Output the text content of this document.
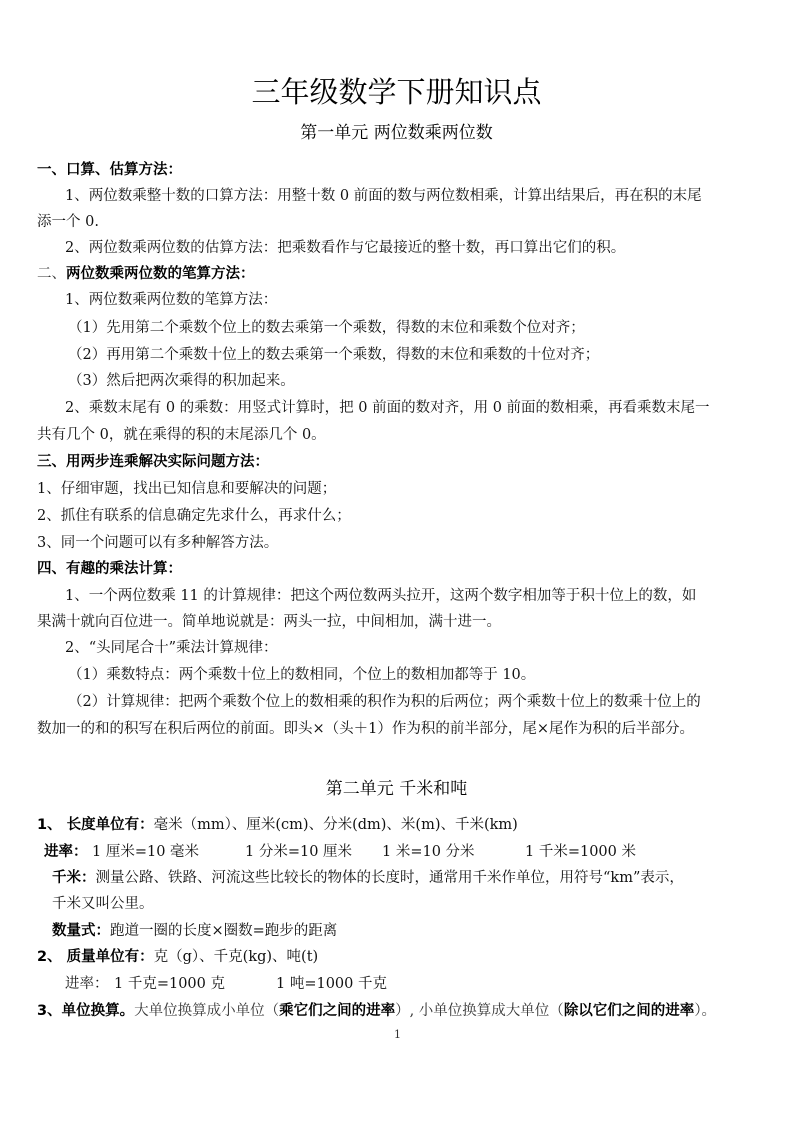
三年级数学下册知识点
第一单元 两位数乘两位数
一、口算、估算方法：
1、两位数乘整十数的口算方法：用整十数 0 前面的数与两位数相乘，计算出结果后，再在积的末尾
添一个 0.
2、两位数乘两位数的估算方法：把乘数看作与它最接近的整十数，再口算出它们的积。
二、两位数乘两位数的笔算方法：
1、两位数乘两位数的笔算方法：
（1）先用第二个乘数个位上的数去乘第一个乘数，得数的末位和乘数个位对齐；
（2）再用第二个乘数十位上的数去乘第一个乘数，得数的末位和乘数的十位对齐；
（3）然后把两次乘得的积加起来。
2、乘数末尾有 0 的乘数：用竖式计算时，把 0 前面的数对齐，用 0 前面的数相乘，再看乘数末尾一
共有几个 0，就在乘得的积的末尾添几个 0。
三、用两步连乘解决实际问题方法：
1、仔细审题，找出已知信息和要解决的问题；
2、抓住有联系的信息确定先求什么，再求什么；
3、同一个问题可以有多种解答方法。
四、有趣的乘法计算：
1、一个两位数乘 11 的计算规律：把这个两位数两头拉开，这两个数字相加等于积十位上的数，如
果满十就向百位进一。简单地说就是：两头一拉，中间相加，满十进一。
2、“头同尾合十”乘法计算规律：
（1）乘数特点：两个乘数十位上的数相同，个位上的数相加都等于 10。
（2）计算规律：把两个乘数个位上的数相乘的积作为积的后两位；两个乘数十位上的数乘十位上的
数加一的和的积写在积后两位的前面。即头×（头＋1）作为积的前半部分，尾×尾作为积的后半部分。
第二单元 千米和吨
1、 长度单位有：毫米（mm）、厘米(cm)、分米(dm)、米(m)、千米(km)
进率： 1 厘米=10 毫米	1 分米=10 厘米 1 米=10 分米	1 千米=1000 米
千米：测量公路、铁路、河流这些比较长的物体的长度时，通常用千米作单位，用符号“km”表示，
千米又叫公里。
数量式：跑道一圈的长度×圈数=跑步的距离
2、 质量单位有：克（g）、千克(kg)、吨(t)
进率： 1 千克=1000 克	1 吨=1000 千克
3、单位换算。大单位换算成小单位（乘它们之间的进率）, 小单位换算成大单位（除以它们之间的进率）。
1
